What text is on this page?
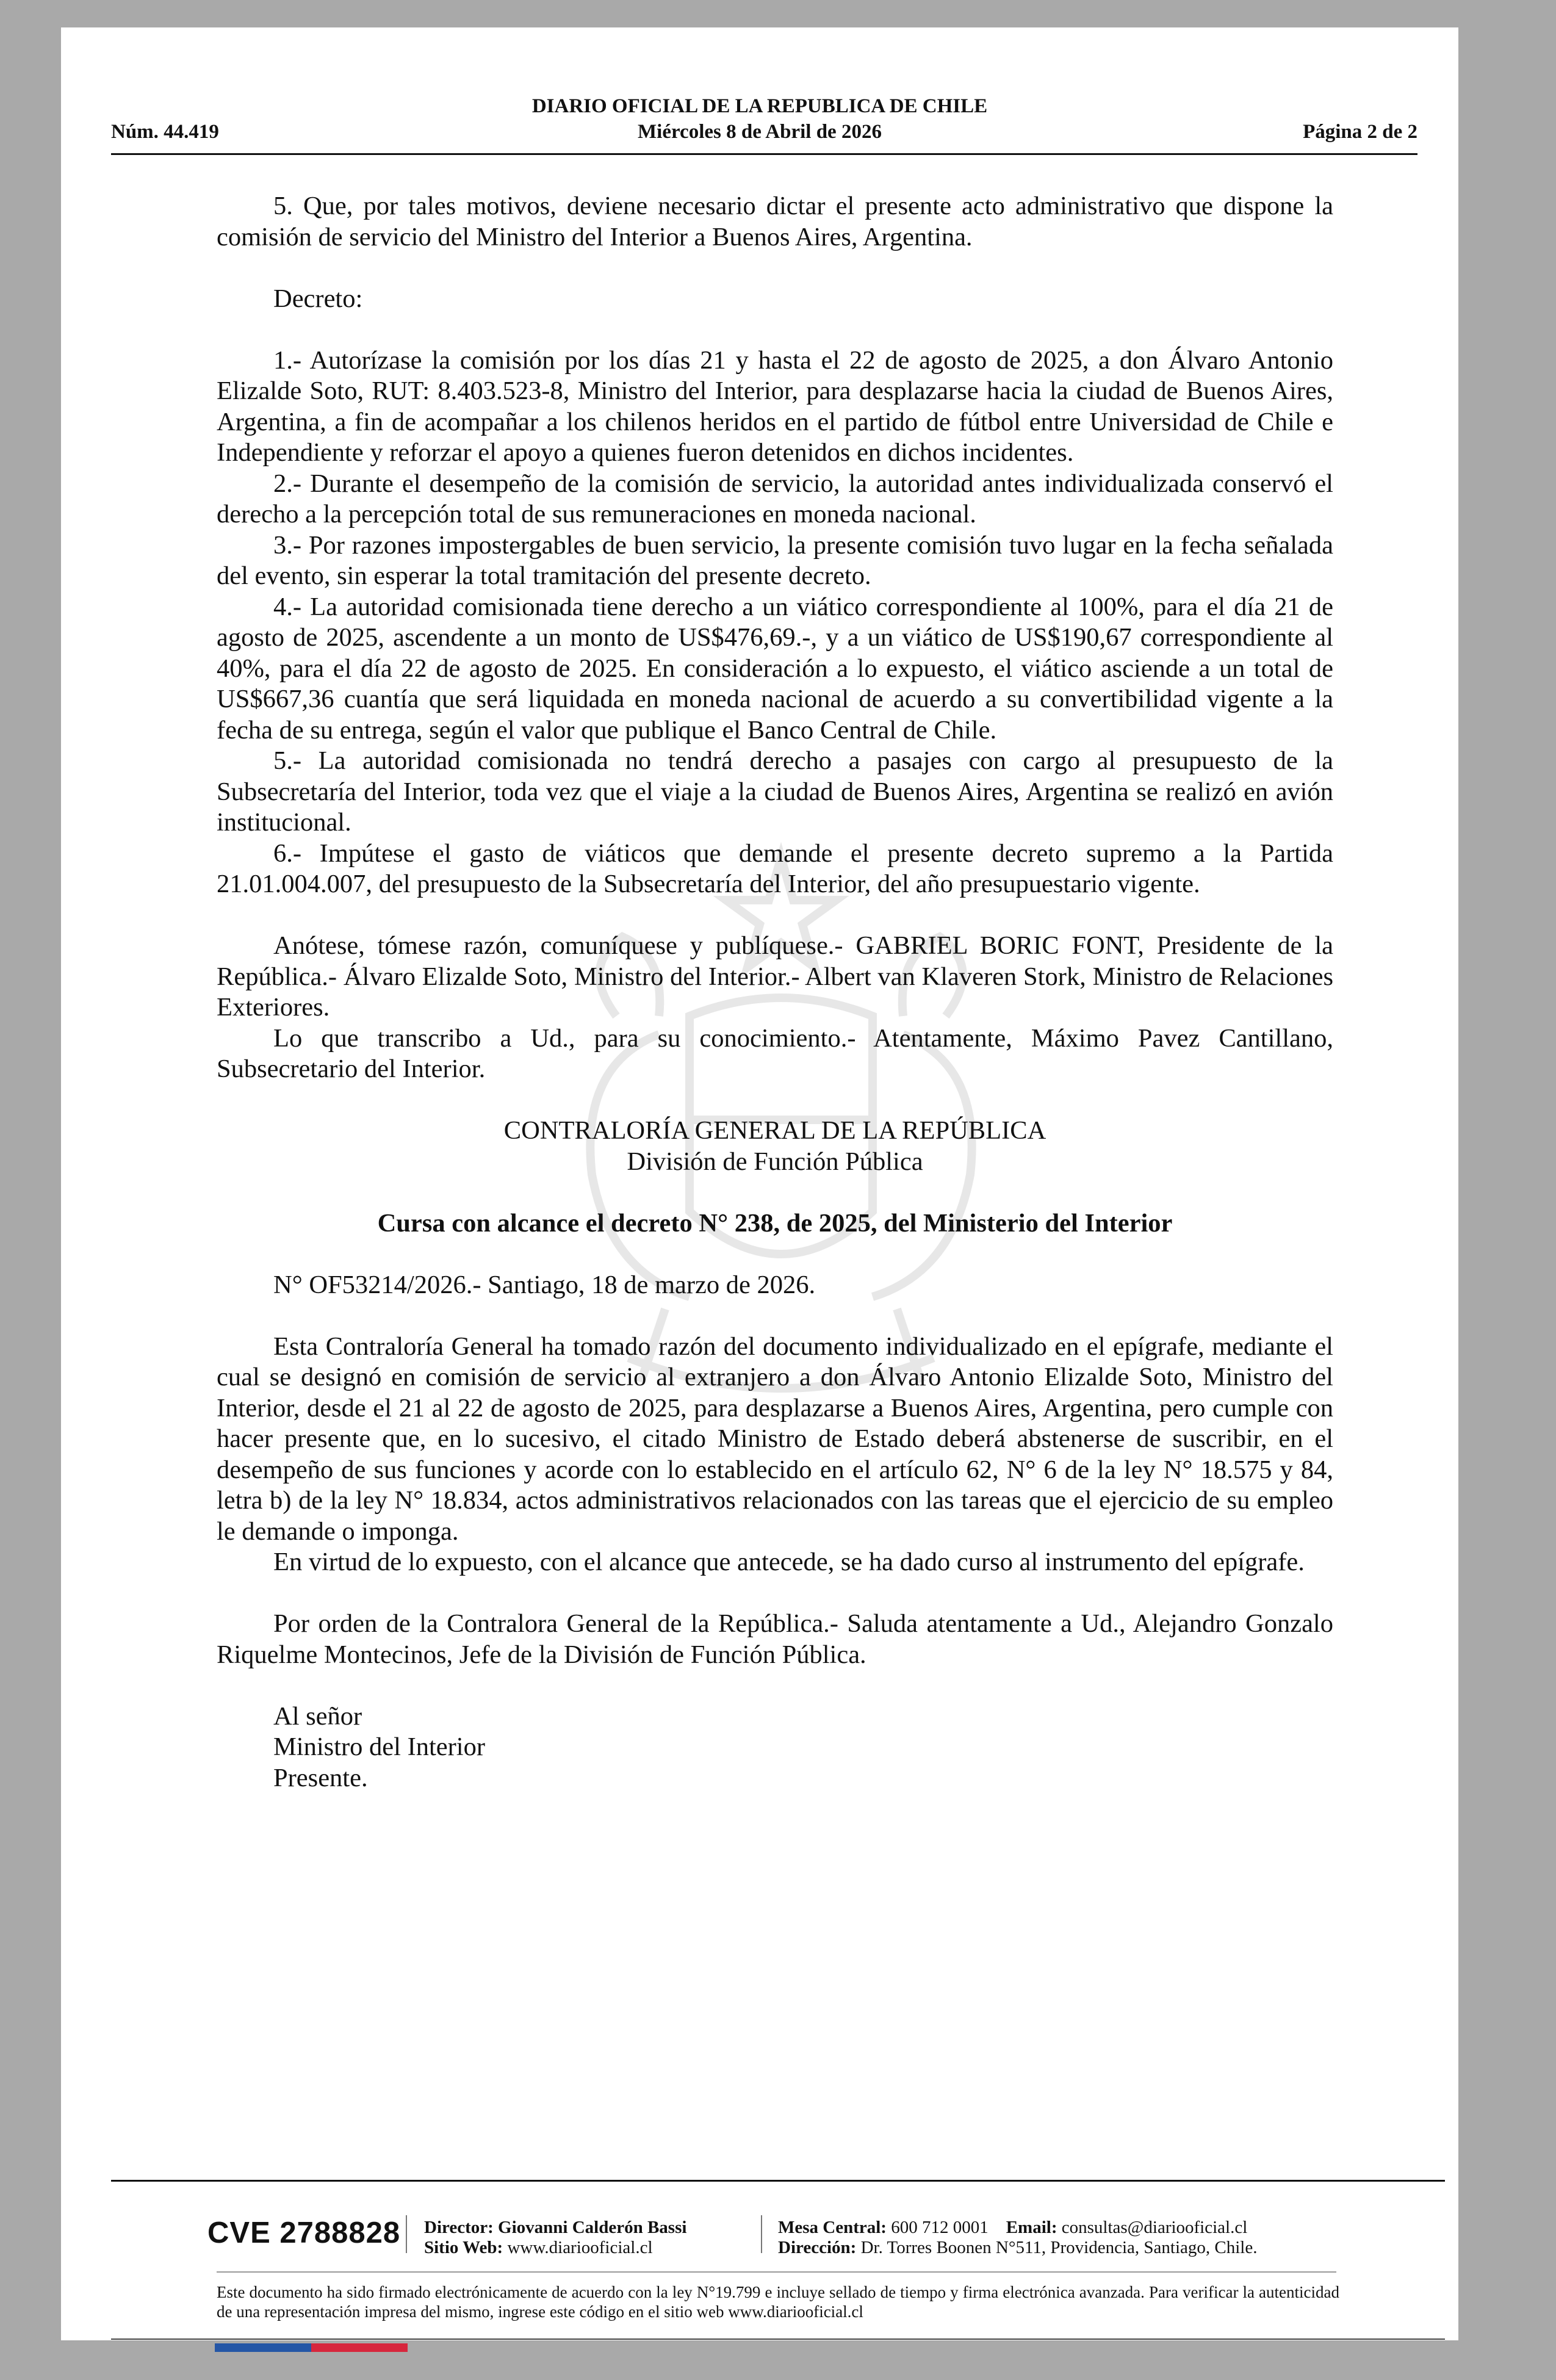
DIARIO OFICIAL DE LA REPUBLICA DE CHILE
Núm. 44.419	Miércoles 8 de Abril de 2026	Página 2 de 2

5. Que, por tales motivos, deviene necesario dictar el presente acto administrativo que dispone la comisión de servicio del Ministro del Interior a Buenos Aires, Argentina.

Decreto:

1.- Autorízase la comisión por los días 21 y hasta el 22 de agosto de 2025, a don Álvaro Antonio Elizalde Soto, RUT: 8.403.523-8, Ministro del Interior, para desplazarse hacia la ciudad de Buenos Aires, Argentina, a fin de acompañar a los chilenos heridos en el partido de fútbol entre Universidad de Chile e Independiente y reforzar el apoyo a quienes fueron detenidos en dichos incidentes.

2.- Durante el desempeño de la comisión de servicio, la autoridad antes individualizada conservó el derecho a la percepción total de sus remuneraciones en moneda nacional.

3.- Por razones impostergables de buen servicio, la presente comisión tuvo lugar en la fecha señalada del evento, sin esperar la total tramitación del presente decreto.

4.- La autoridad comisionada tiene derecho a un viático correspondiente al 100%, para el día 21 de agosto de 2025, ascendente a un monto de US$476,69.-, y a un viático de US$190,67 correspondiente al 40%, para el día 22 de agosto de 2025. En consideración a lo expuesto, el viático asciende a un total de US$667,36 cuantía que será liquidada en moneda nacional de acuerdo a su convertibilidad vigente a la fecha de su entrega, según el valor que publique el Banco Central de Chile.

5.- La autoridad comisionada no tendrá derecho a pasajes con cargo al presupuesto de la Subsecretaría del Interior, toda vez que el viaje a la ciudad de Buenos Aires, Argentina se realizó en avión institucional.

6.- Impútese el gasto de viáticos que demande el presente decreto supremo a la Partida 21.01.004.007, del presupuesto de la Subsecretaría del Interior, del año presupuestario vigente.

Anótese, tómese razón, comuníquese y publíquese.- GABRIEL BORIC FONT, Presidente de la República.- Álvaro Elizalde Soto, Ministro del Interior.- Albert van Klaveren Stork, Ministro de Relaciones Exteriores.

Lo que transcribo a Ud., para su conocimiento.- Atentamente, Máximo Pavez Cantillano, Subsecretario del Interior.

CONTRALORÍA GENERAL DE LA REPÚBLICA

División de Función Pública

Cursa con alcance el decreto N° 238, de 2025, del Ministerio del Interior

N° OF53214/2026.- Santiago, 18 de marzo de 2026.

Esta Contraloría General ha tomado razón del documento individualizado en el epígrafe, mediante el cual se designó en comisión de servicio al extranjero a don Álvaro Antonio Elizalde Soto, Ministro del Interior, desde el 21 al 22 de agosto de 2025, para desplazarse a Buenos Aires, Argentina, pero cumple con hacer presente que, en lo sucesivo, el citado Ministro de Estado deberá abstenerse de suscribir, en el desempeño de sus funciones y acorde con lo establecido en el artículo 62, N° 6 de la ley N° 18.575 y 84, letra b) de la ley N° 18.834, actos administrativos relacionados con las tareas que el ejercicio de su empleo le demande o imponga.

En virtud de lo expuesto, con el alcance que antecede, se ha dado curso al instrumento del epígrafe.

Por orden de la Contralora General de la República.- Saluda atentamente a Ud., Alejandro Gonzalo Riquelme Montecinos, Jefe de la División de Función Pública.

Al señor

Ministro del Interior

Presente.

CVE 2788828 Director: Giovanni Calderón Bassi
Sitio Web: www.diariooficial.cl
Mesa Central: 600 712 0001 Email: consultas@diariooficial.cl
Dirección: Dr. Torres Boonen N°511, Providencia, Santiago, Chile.
Este documento ha sido firmado electrónicamente de acuerdo con la ley N°19.799 e incluye sellado de tiempo y firma electrónica avanzada. Para verificar la autenticidad de una representación impresa del mismo, ingrese este código en el sitio web www.diariooficial.cl
